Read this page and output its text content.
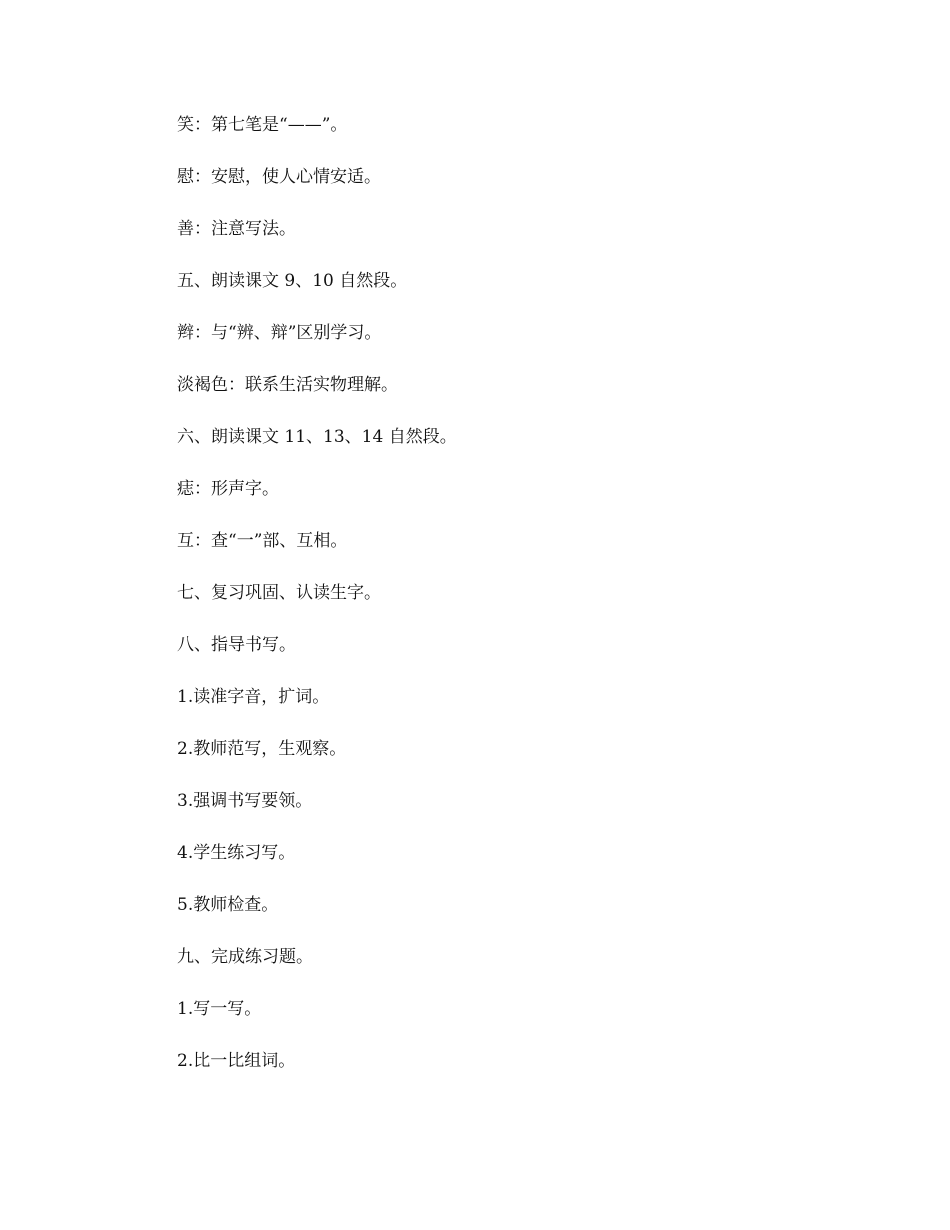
笑：第七笔是“——”。
慰：安慰，使人心情安适。
善：注意写法。
五、朗读课文 9、10 自然段。
辫：与“辨、辩”区别学习。
淡褐色：联系生活实物理解。
六、朗读课文 11、13、14 自然段。
痣：形声字。
互：查“一”部、互相。
七、复习巩固、认读生字。
八、指导书写。
1.读准字音，扩词。
2.教师范写，生观察。
3.强调书写要领。
4.学生练习写。
5.教师检查。
九、完成练习题。
1.写一写。
2.比一比组词。
